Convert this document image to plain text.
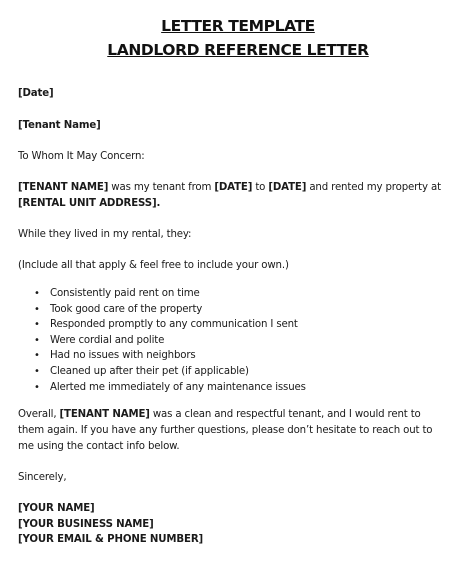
LETTER TEMPLATE
LANDLORD REFERENCE LETTER

[Date]

[Tenant Name]

To Whom It May Concern:

[TENANT NAME] was my tenant from [DATE] to [DATE] and rented my property at
[RENTAL UNIT ADDRESS].

While they lived in my rental, they:

(Include all that apply & feel free to include your own.)

• Consistently paid rent on time
• Took good care of the property
• Responded promptly to any communication I sent
• Were cordial and polite
• Had no issues with neighbors
• Cleaned up after their pet (if applicable)
• Alerted me immediately of any maintenance issues

Overall, [TENANT NAME] was a clean and respectful tenant, and I would rent to
them again. If you have any further questions, please don’t hesitate to reach out to
me using the contact info below.

Sincerely,

[YOUR NAME]
[YOUR BUSINESS NAME]
[YOUR EMAIL & PHONE NUMBER]
